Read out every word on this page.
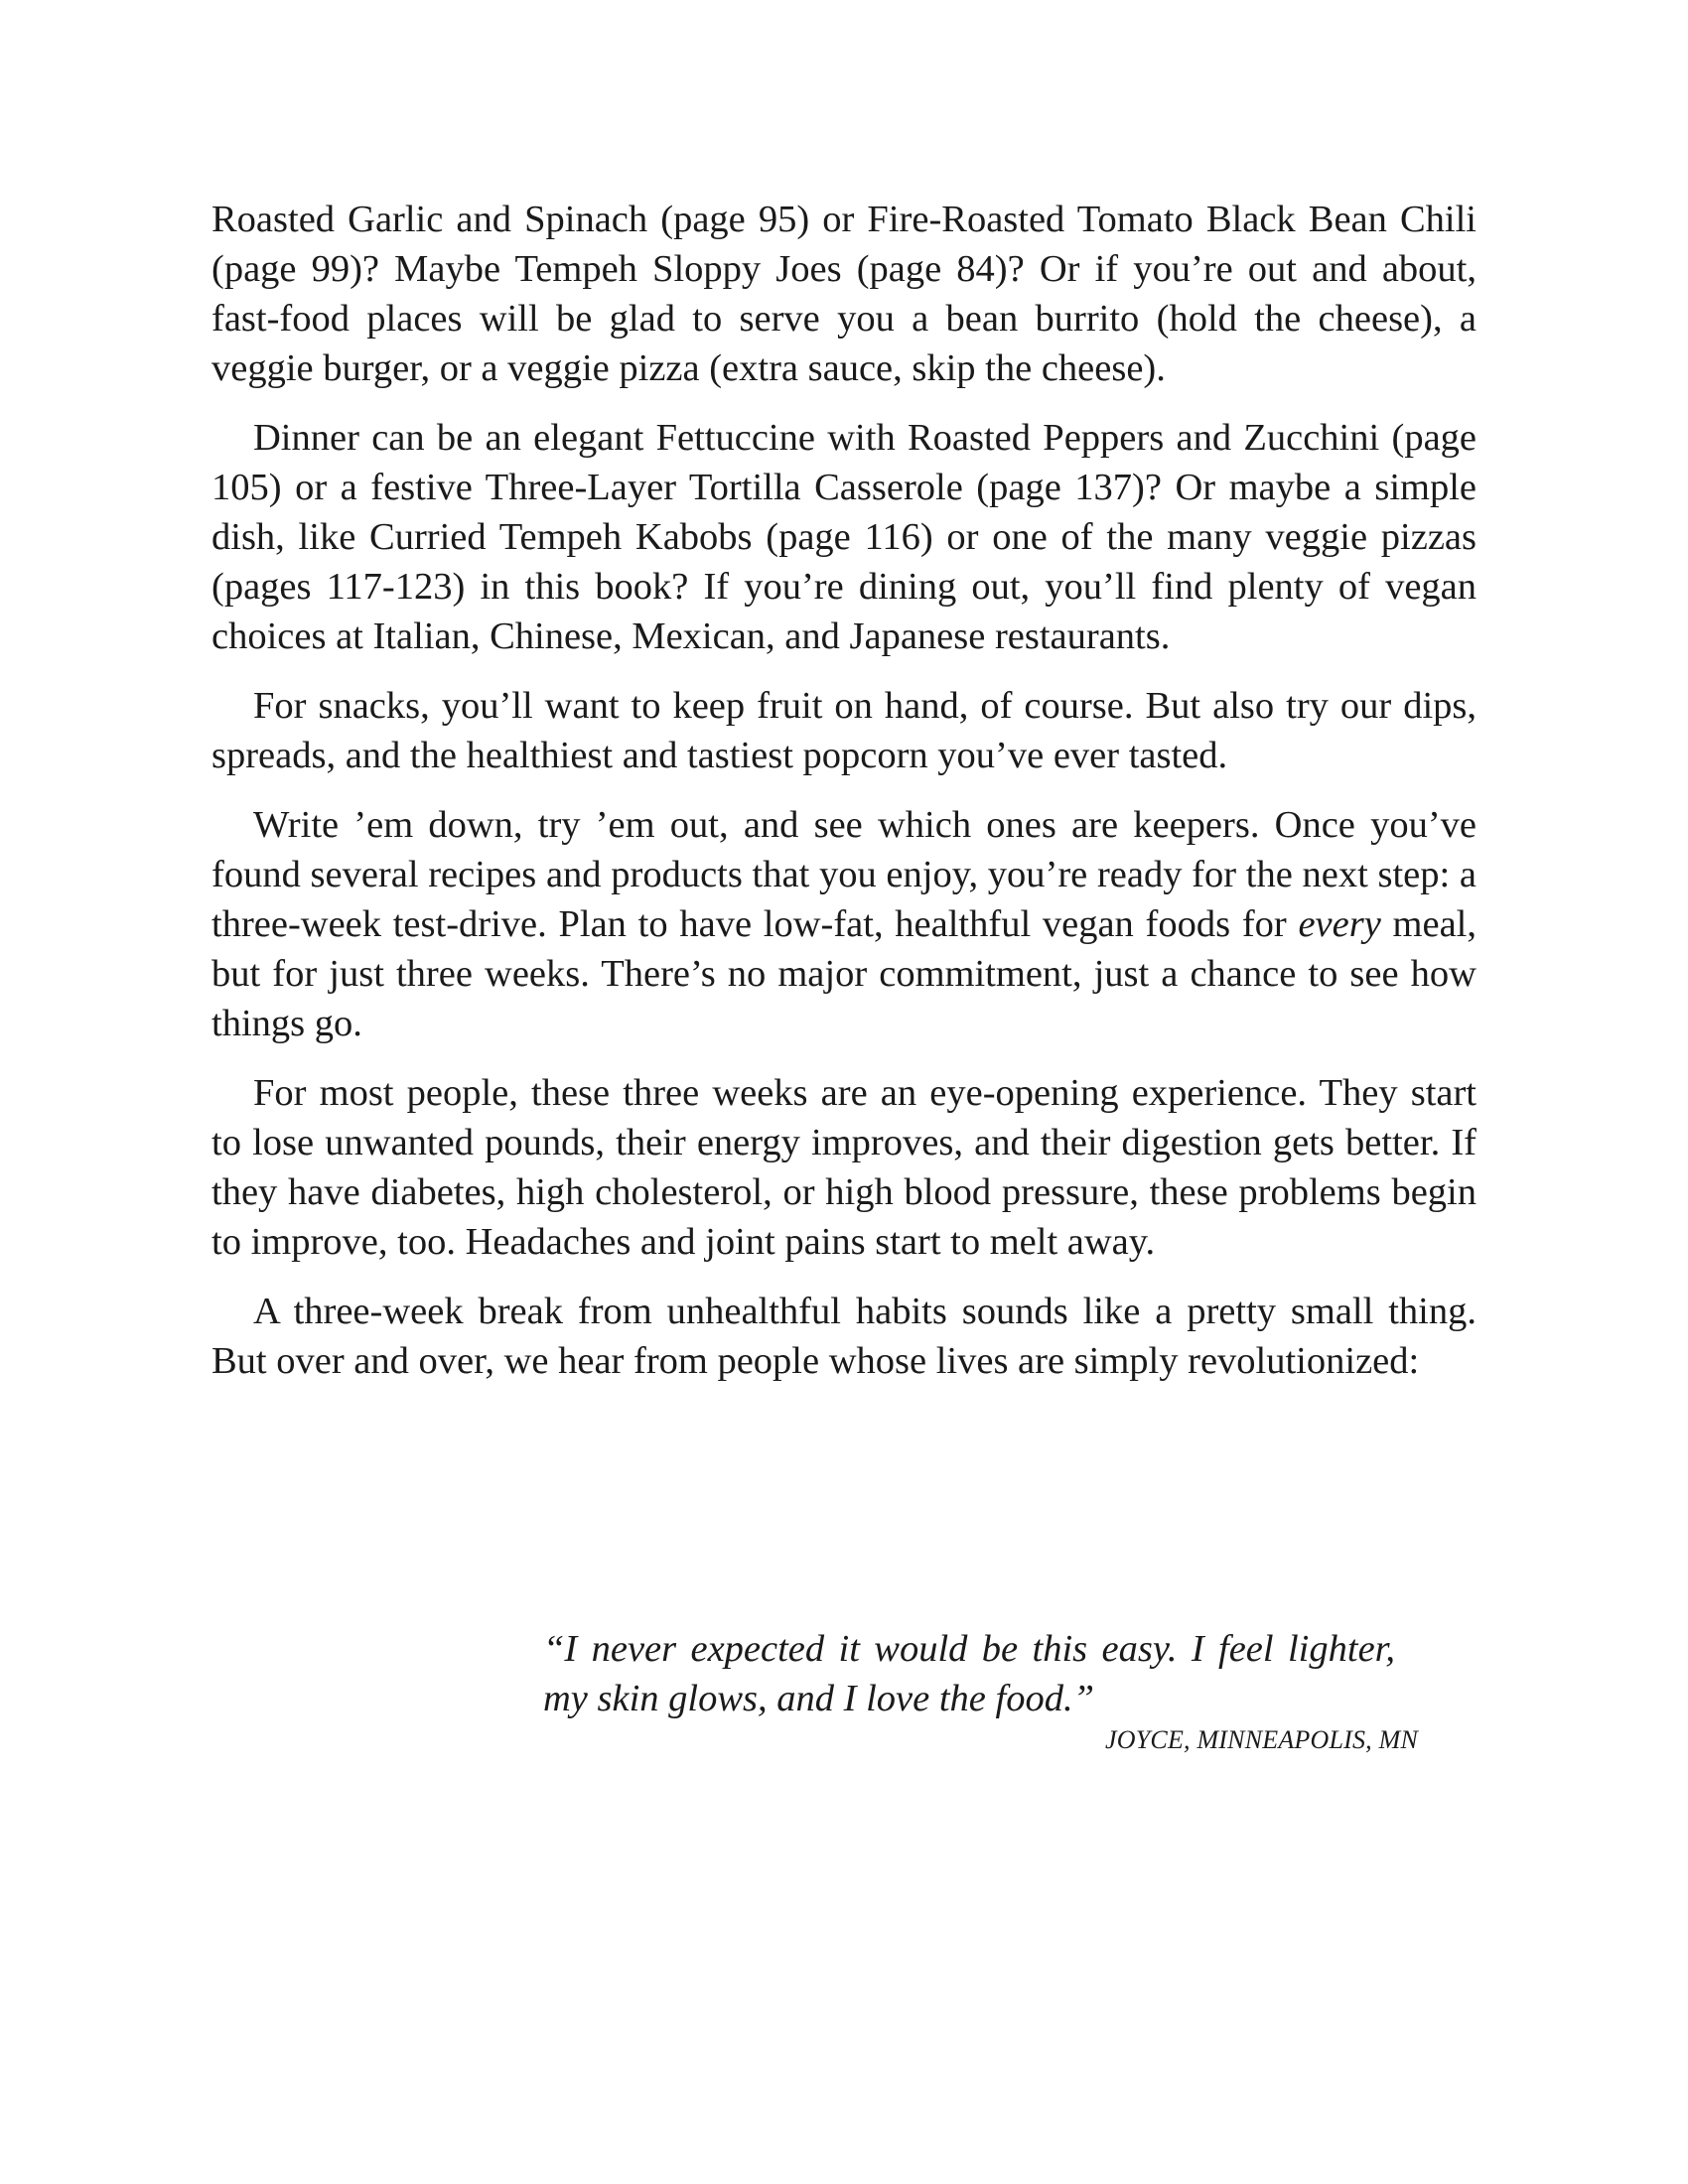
Roasted Garlic and Spinach (page 95) or Fire-Roasted Tomato Black Bean Chili (page 99)? Maybe Tempeh Sloppy Joes (page 84)? Or if you’re out and about, fast-food places will be glad to serve you a bean burrito (hold the cheese), a veggie burger, or a veggie pizza (extra sauce, skip the cheese).

Dinner can be an elegant Fettuccine with Roasted Peppers and Zucchini (page 105) or a festive Three-Layer Tortilla Casserole (page 137)? Or maybe a simple dish, like Curried Tempeh Kabobs (page 116) or one of the many veggie pizzas (pages 117-123) in this book? If you’re dining out, you’ll find plenty of vegan choices at Italian, Chinese, Mexican, and Japanese restaurants.

For snacks, you’ll want to keep fruit on hand, of course. But also try our dips, spreads, and the healthiest and tastiest popcorn you’ve ever tasted.

Write ’em down, try ’em out, and see which ones are keepers. Once you’ve found several recipes and products that you enjoy, you’re ready for the next step: a three-week test-drive. Plan to have low-fat, healthful vegan foods for every meal, but for just three weeks. There’s no major commitment, just a chance to see how things go.

For most people, these three weeks are an eye-opening experience. They start to lose unwanted pounds, their energy improves, and their digestion gets better. If they have diabetes, high cholesterol, or high blood pressure, these problems begin to improve, too. Headaches and joint pains start to melt away.

A three-week break from unhealthful habits sounds like a pretty small thing. But over and over, we hear from people whose lives are simply revolutionized:

“I never expected it would be this easy. I feel lighter, my skin glows, and I love the food.”

JOYCE, MINNEAPOLIS, MN
